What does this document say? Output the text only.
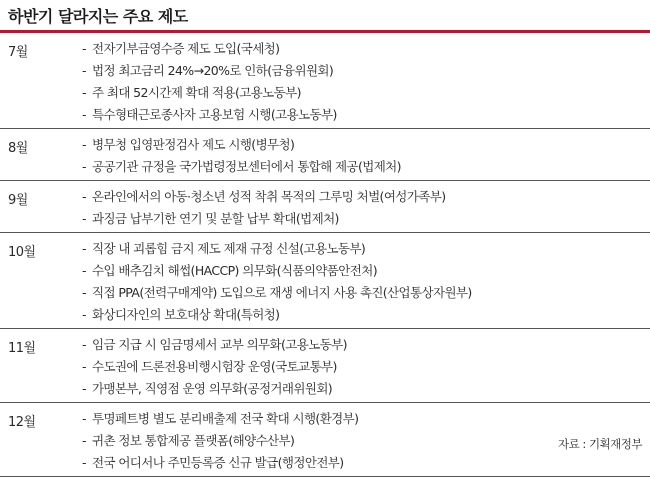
하반기 달라지는 주요 제도
7월	- 전자기부금영수증 제도 도입(국세청)
- 법정 최고금리 24%→20%로 인하(금융위원회)
- 주 최대 52시간제 확대 적용(고용노동부)
- 특수형태근로종사자 고용보험 시행(고용노동부)
8월	- 병무청 입영판정검사 제도 시행(병무청)
- 공공기관 규정을 국가법령정보센터에서 통합해 제공(법제처)
9월	- 온라인에서의 아동·청소년 성적 착취 목적의 그루밍 처벌(여성가족부)
- 과징금 납부기한 연기 및 분할 납부 확대(법제처)
10월	- 직장 내 괴롭힘 금지 제도 제재 규정 신설(고용노동부)
- 수입 배추김치 해썹(HACCP) 의무화(식품의약품안전처)
- 직접 PPA(전력구매계약) 도입으로 재생 에너지 사용 촉진(산업통상자원부)
- 화상디자인의 보호대상 확대(특허청)
11월	- 임금 지급 시 임금명세서 교부 의무화(고용노동부)
- 수도권에 드론전용비행시험장 운영(국토교통부)
- 가맹본부, 직영점 운영 의무화(공정거래위원회)
12월	- 투명페트병 별도 분리배출제 전국 확대 시행(환경부)
- 귀촌 정보 통합제공 플랫폼(해양수산부)
- 전국 어디서나 주민등록증 신규 발급(행정안전부)
자료 : 기획재정부
